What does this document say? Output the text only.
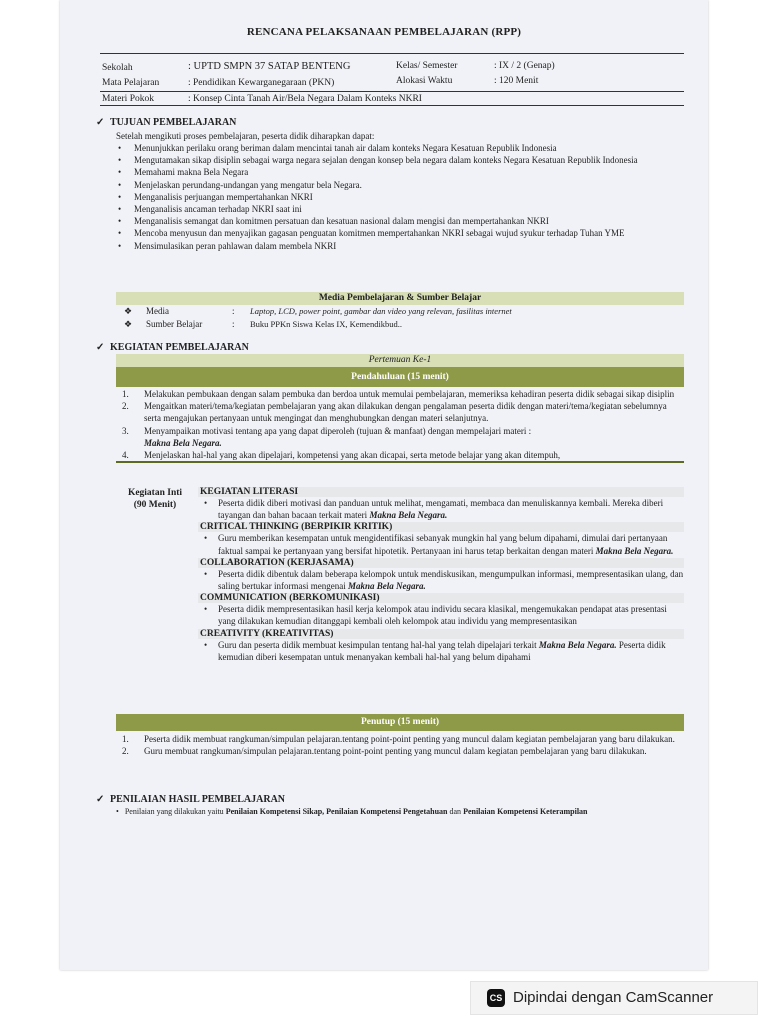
RENCANA PELAKSANAAN PEMBELAJARAN (RPP)
Sekolah	: UPTD SMPN 37 SATAP BENTENG	Kelas/ Semester	: IX / 2 (Genap)
Mata Pelajaran	: Pendidikan Kewarganegaraan (PKN)	Alokasi Waktu	: 120 Menit
Materi Pokok	: Konsep Cinta Tanah Air/Bela Negara Dalam Konteks NKRI
✓ TUJUAN PEMBELAJARAN
Setelah mengikuti proses pembelajaran, peserta didik diharapkan dapat:
• Menunjukkan perilaku orang beriman dalam mencintai tanah air dalam konteks Negara Kesatuan Republik Indonesia
• Mengutamakan sikap disiplin sebagai warga negara sejalan dengan konsep bela negara dalam konteks Negara Kesatuan Republik Indonesia
• Memahami makna Bela Negara
• Menjelaskan perundang-undangan yang mengatur bela Negara.
• Menganalisis perjuangan mempertahankan NKRI
• Menganalisis ancaman terhadap NKRI saat ini
• Menganalisis semangat dan komitmen persatuan dan kesatuan nasional dalam mengisi dan mempertahankan NKRI
• Mencoba menyusun dan menyajikan gagasan penguatan komitmen mempertahankan NKRI sebagai wujud syukur terhadap Tuhan YME
• Mensimulasikan peran pahlawan dalam membela NKRI
Media Pembelajaran & Sumber Belajar
❖ Media	: Laptop, LCD, power point, gambar dan video yang relevan, fasilitas internet
❖ Sumber Belajar	: Buku PPKn Siswa Kelas IX, Kemendikbud..
✓ KEGIATAN PEMBELAJARAN
Pertemuan Ke-1
Pendahuluan (15 menit)
1. Melakukan pembukaan dengan salam pembuka dan berdoa untuk memulai pembelajaran, memeriksa kehadiran peserta didik sebagai sikap disiplin
2. Mengaitkan materi/tema/kegiatan pembelajaran yang akan dilakukan dengan pengalaman peserta didik dengan materi/tema/kegiatan sebelumnya serta mengajukan pertanyaan untuk mengingat dan menghubungkan dengan materi selanjutnya.
3. Menyampaikan motivasi tentang apa yang dapat diperoleh (tujuan & manfaat) dengan mempelajari materi :
Makna Bela Negara.
4. Menjelaskan hal-hal yang akan dipelajari, kompetensi yang akan dicapai, serta metode belajar yang akan ditempuh,
Kegiatan Inti
(90 Menit)
KEGIATAN LITERASI
• Peserta didik diberi motivasi dan panduan untuk melihat, mengamati, membaca dan menuliskannya kembali. Mereka diberi tayangan dan bahan bacaan terkait materi Makna Bela Negara.
CRITICAL THINKING (BERPIKIR KRITIK)
• Guru memberikan kesempatan untuk mengidentifikasi sebanyak mungkin hal yang belum dipahami, dimulai dari pertanyaan faktual sampai ke pertanyaan yang bersifat hipotetik. Pertanyaan ini harus tetap berkaitan dengan materi Makna Bela Negara.
COLLABORATION (KERJASAMA)
• Peserta didik dibentuk dalam beberapa kelompok untuk mendiskusikan, mengumpulkan informasi, mempresentasikan ulang, dan saling bertukar informasi mengenai Makna Bela Negara.
COMMUNICATION (BERKOMUNIKASI)
• Peserta didik mempresentasikan hasil kerja kelompok atau individu secara klasikal, mengemukakan pendapat atas presentasi yang dilakukan kemudian ditanggapi kembali oleh kelompok atau individu yang mempresentasikan
CREATIVITY (KREATIVITAS)
• Guru dan peserta didik membuat kesimpulan tentang hal-hal yang telah dipelajari terkait Makna Bela Negara. Peserta didik kemudian diberi kesempatan untuk menanyakan kembali hal-hal yang belum dipahami
Penutup (15 menit)
1. Peserta didik membuat rangkuman/simpulan pelajaran.tentang point-point penting yang muncul dalam kegiatan pembelajaran yang baru dilakukan.
2. Guru membuat rangkuman/simpulan pelajaran.tentang point-point penting yang muncul dalam kegiatan pembelajaran yang baru dilakukan.
✓ PENILAIAN HASIL PEMBELAJARAN
•   Penilaian yang dilakukan yaitu Penilaian Kompetensi Sikap, Penilaian Kompetensi Pengetahuan dan Penilaian Kompetensi Keterampilan
CS Dipindai dengan CamScanner
